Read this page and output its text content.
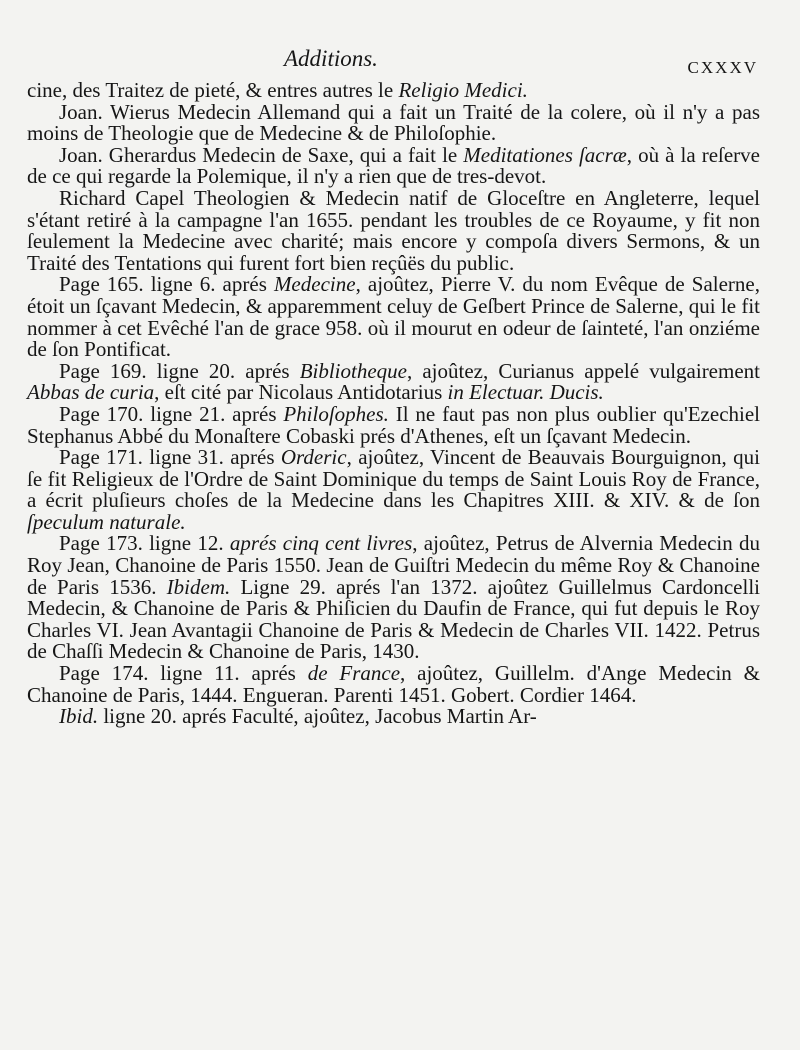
Additions.	CXXXV

cine, des Traitez de pieté, & entres autres le Religio Medici.

Joan. Wierus Medecin Allemand qui a fait un Traité de la colere, où il n'y a pas moins de Theologie que de Medecine & de Philoſophie.

Joan. Gherardus Medecin de Saxe, qui a fait le Meditationes ſacræ, où à la reſerve de ce qui regarde la Polemique, il n'y a rien que de tres-devot.

Richard Capel Theologien & Medecin natif de Gloceſtre en Angleterre, lequel s'étant retiré à la campagne l'an 1655. pendant les troubles de ce Royaume, y fit non ſeulement la Medecine avec charité; mais encore y compoſa divers Sermons, & un Traité des Tentations qui furent fort bien reçûës du public.

Page 165. ligne 6. aprés Medecine, ajoûtez, Pierre V. du nom Evêque de Salerne, étoit un ſçavant Medecin, & apparemment celuy de Geſbert Prince de Salerne, qui le fit nommer à cet Evêché l'an de grace 958. où il mourut en odeur de ſainteté, l'an onziéme de ſon Pontificat.

Page 169. ligne 20. aprés Bibliotheque, ajoûtez, Curianus appelé vulgairement Abbas de curia, eſt cité par Nicolaus Antidotarius in Electuar. Ducis.

Page 170. ligne 21. aprés Philoſophes. Il ne faut pas non plus oublier qu'Ezechiel Stephanus Abbé du Monaſtere Cobaski prés d'Athenes, eſt un ſçavant Medecin.

Page 171. ligne 31. aprés Orderic, ajoûtez, Vincent de Beauvais Bourguignon, qui ſe fit Religieux de l'Ordre de Saint Dominique du temps de Saint Louis Roy de France, a écrit pluſieurs choſes de la Medecine dans les Chapitres XIII. & XIV. & de ſon ſpeculum naturale.

Page 173. ligne 12. aprés cinq cent livres, ajoûtez, Petrus de Alvernia Medecin du Roy Jean, Chanoine de Paris 1550. Jean de Guiſtri Medecin du même Roy & Chanoine de Paris 1536. Ibidem. Ligne 29. aprés l'an 1372. ajoûtez Guillelmus Cardoncelli Medecin, & Chanoine de Paris & Phiſicien du Daufin de France, qui fut depuis le Roy Charles VI. Jean Avantagii Chanoine de Paris & Medecin de Charles VII. 1422. Petrus de Chaſſi Medecin & Chanoine de Paris, 1430.

Page 174. ligne 11. aprés de France, ajoûtez, Guillelm. d'Ange Medecin & Chanoine de Paris, 1444. Engueran. Parenti 1451. Gobert. Cordier 1464.

Ibid. ligne 20. aprés Faculté, ajoûtez, Jacobus Martin Ar-
